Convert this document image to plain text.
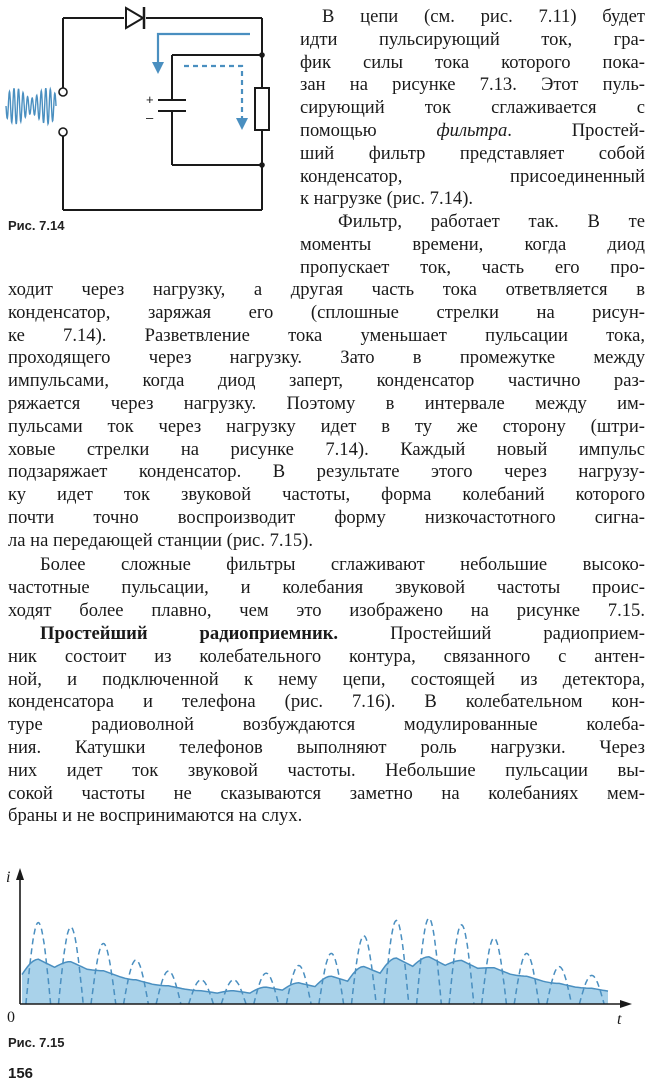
+
–

Рис. 7.14

В цепи (см. рис. 7.11) будет
идти пульсирующий ток, гра-
фик силы тока которого пока-
зан на рисунке 7.13. Этот пуль-
сирующий ток сглаживается с
помощью фильтра. Простей-
ший фильтр представляет собой
конденсатор, присоединенный
к нагрузке (рис. 7.14).
Фильтр, работает так. В те
моменты времени, когда диод
пропускает ток, часть его про-
ходит через нагрузку, а другая часть тока ответвляется в
конденсатор, заряжая его (сплошные стрелки на рисун-
ке 7.14). Разветвление тока уменьшает пульсации тока,
проходящего через нагрузку. Зато в промежутке между
импульсами, когда диод заперт, конденсатор частично раз-
ряжается через нагрузку. Поэтому в интервале между им-
пульсами ток через нагрузку идет в ту же сторону (штри-
ховые стрелки на рисунке 7.14). Каждый новый импульс
подзаряжает конденсатор. В результате этого через нагрузу-
ку идет ток звуковой частоты, форма колебаний которого
почти точно воспроизводит форму низкочастотного сигна-
ла на передающей станции (рис. 7.15).
Более сложные фильтры сглаживают небольшие высоко-
частотные пульсации, и колебания звуковой частоты проис-
ходят более плавно, чем это изображено на рисунке 7.15.
Простейший радиоприемник. Простейший радиоприем-
ник состоит из колебательного контура, связанного с антен-
ной, и подключенной к нему цепи, состоящей из детектора,
конденсатора и телефона (рис. 7.16). В колебательном кон-
туре радиоволной возбуждаются модулированные колеба-
ния. Катушки телефонов выполняют роль нагрузки. Через
них идет ток звуковой частоты. Небольшие пульсации вы-
сокой частоты не сказываются заметно на колебаниях мем-
браны и не воспринимаются на слух.
i
t
0

Рис. 7.15

156
